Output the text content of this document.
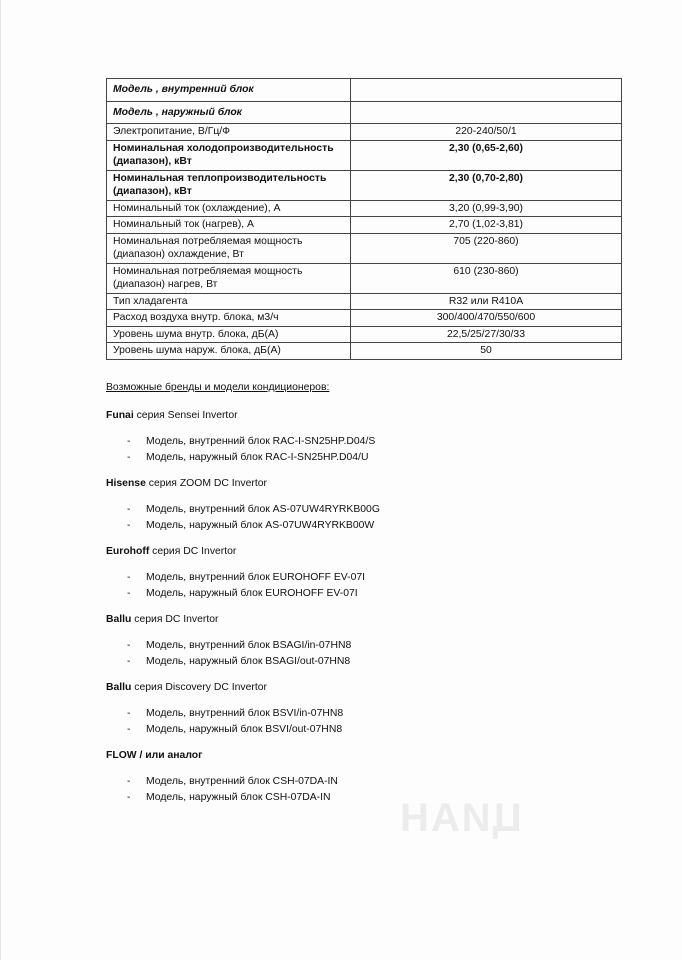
Модель , внутренний блок	
Модель , наружный блок	
Электропитание, В/Гц/Ф	220-240/50/1
Номинальная холодопроизводительность (диапазон), кВт	2,30 (0,65-2,60)
Номинальная теплопроизводительность (диапазон), кВт	2,30 (0,70-2,80)
Номинальный ток (охлаждение), А	3,20 (0,99-3,90)
Номинальный ток (нагрев), А	2,70 (1,02-3,81)
Номинальная потребляемая мощность (диапазон) охлаждение, Вт	705 (220-860)
Номинальная потребляемая мощность (диапазон) нагрев, Вт	610 (230-860)
Тип хладагента	R32 или R410A
Расход воздуха внутр. блока, м3/ч	300/400/470/550/600
Уровень шума внутр. блока, дБ(А)	22,5/25/27/30/33
Уровень шума наруж. блока, дБ(А)	50
Возможные бренды и модели кондиционеров:
Funai серия Sensei Invertor
- Модель, внутренний блок RAC-I-SN25HP.D04/S
- Модель, наружный блок RAC-I-SN25HP.D04/U
Hisense серия ZOOM DC Invertor
- Модель, внутренний блок AS-07UW4RYRKB00G
- Модель, наружный блок AS-07UW4RYRKB00W
Eurohoff серия DC Invertor
- Модель, внутренний блок EUROHOFF EV-07I
- Модель, наружный блок EUROHOFF EV-07I
Ballu серия DC Invertor
- Модель, внутренний блок BSAGI/in-07HN8
- Модель, наружный блок BSAGI/out-07HN8
Ballu серия Discovery DC Invertor
- Модель, внутренний блок BSVI/in-07HN8
- Модель, наружный блок BSVI/out-07HN8
FLOW / или аналог
- Модель, внутренний блок CSH-07DA-IN
- Модель, наружный блок CSH-07DA-IN	ЦИАН
